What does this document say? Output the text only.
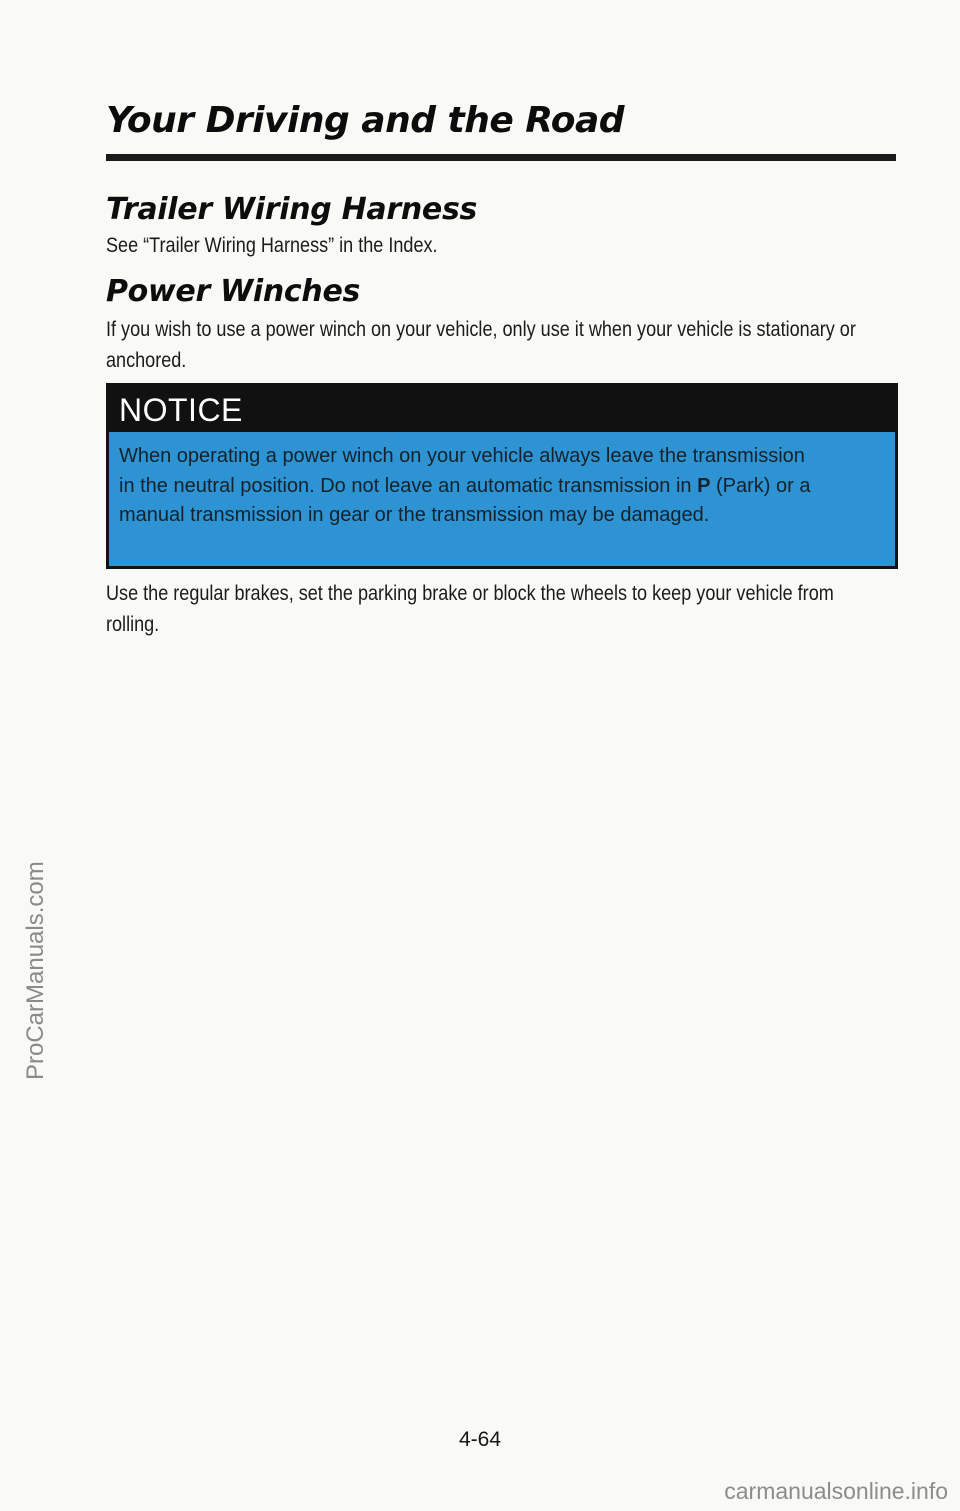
Your Driving and the Road
Trailer Wiring Harness

See “Trailer Wiring Harness” in the Index.

Power Winches

If you wish to use a power winch on your vehicle, only use it when your vehicle is stationary or anchored.

NOTICE

When operating a power winch on your vehicle always leave the transmission in the neutral position. Do not leave an automatic transmission in P (Park) or a manual transmission in gear or the transmission may be damaged.

Use the regular brakes, set the parking brake or block the wheels to keep your vehicle from rolling.

4-64
ProCarManuals.com
carmanualsonline.info
